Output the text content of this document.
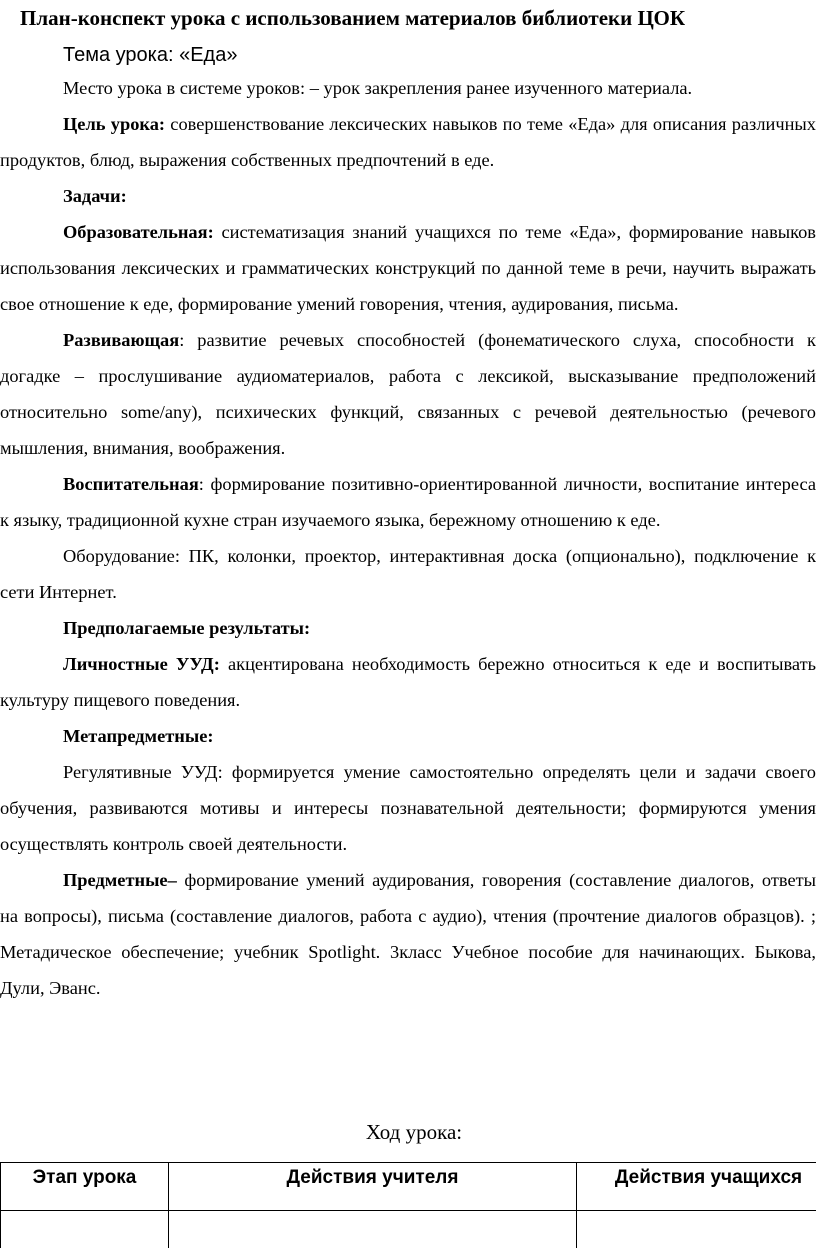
План-конспект урока с использованием материалов библиотеки ЦОК
Тема урока: «Еда»

Место урока в системе уроков: – урок закрепления ранее изученного материала.

Цель урока: совершенствование лексических навыков по теме «Еда» для описания различных продуктов, блюд, выражения собственных предпочтений в еде.

Задачи:

Образовательная: систематизация знаний учащихся по теме «Еда», формирование навыков использования лексических и грамматических конструкций по данной теме в речи, научить выражать свое отношение к еде, формирование умений говорения, чтения, аудирования, письма.

Развивающая: развитие речевых способностей (фонематического слуха, способности к догадке – прослушивание аудиоматериалов, работа с лексикой, высказывание предположений относительно some/any), психических функций, связанных с речевой деятельностью (речевого мышления, внимания, воображения.

Воспитательная: формирование позитивно-ориентированной личности, воспитание интереса к языку, традиционной кухне стран изучаемого языка, бережному отношению к еде.

Оборудование: ПК, колонки, проектор, интерактивная доска (опционально), подключение к сети Интернет.

Предполагаемые результаты:

Личностные УУД: акцентирована необходимость бережно относиться к еде и воспитывать культуру пищевого поведения.

Метапредметные:

Регулятивные УУД: формируется умение самостоятельно определять цели и задачи своего обучения, развиваются мотивы и интересы познавательной деятельности; формируются умения осуществлять контроль своей деятельности.

Предметные– формирование умений аудирования, говорения (составление диалогов, ответы на вопросы), письма (составление диалогов, работа с аудио), чтения (прочтение диалогов образцов). ;

Метадическое обеспечение; учебник Spotlight. 3класс Учебное пособие для начинающих. Быкова, Дули, Эванс.

Ход урока:
Этап урока	Действия учителя	Действия учащихся
